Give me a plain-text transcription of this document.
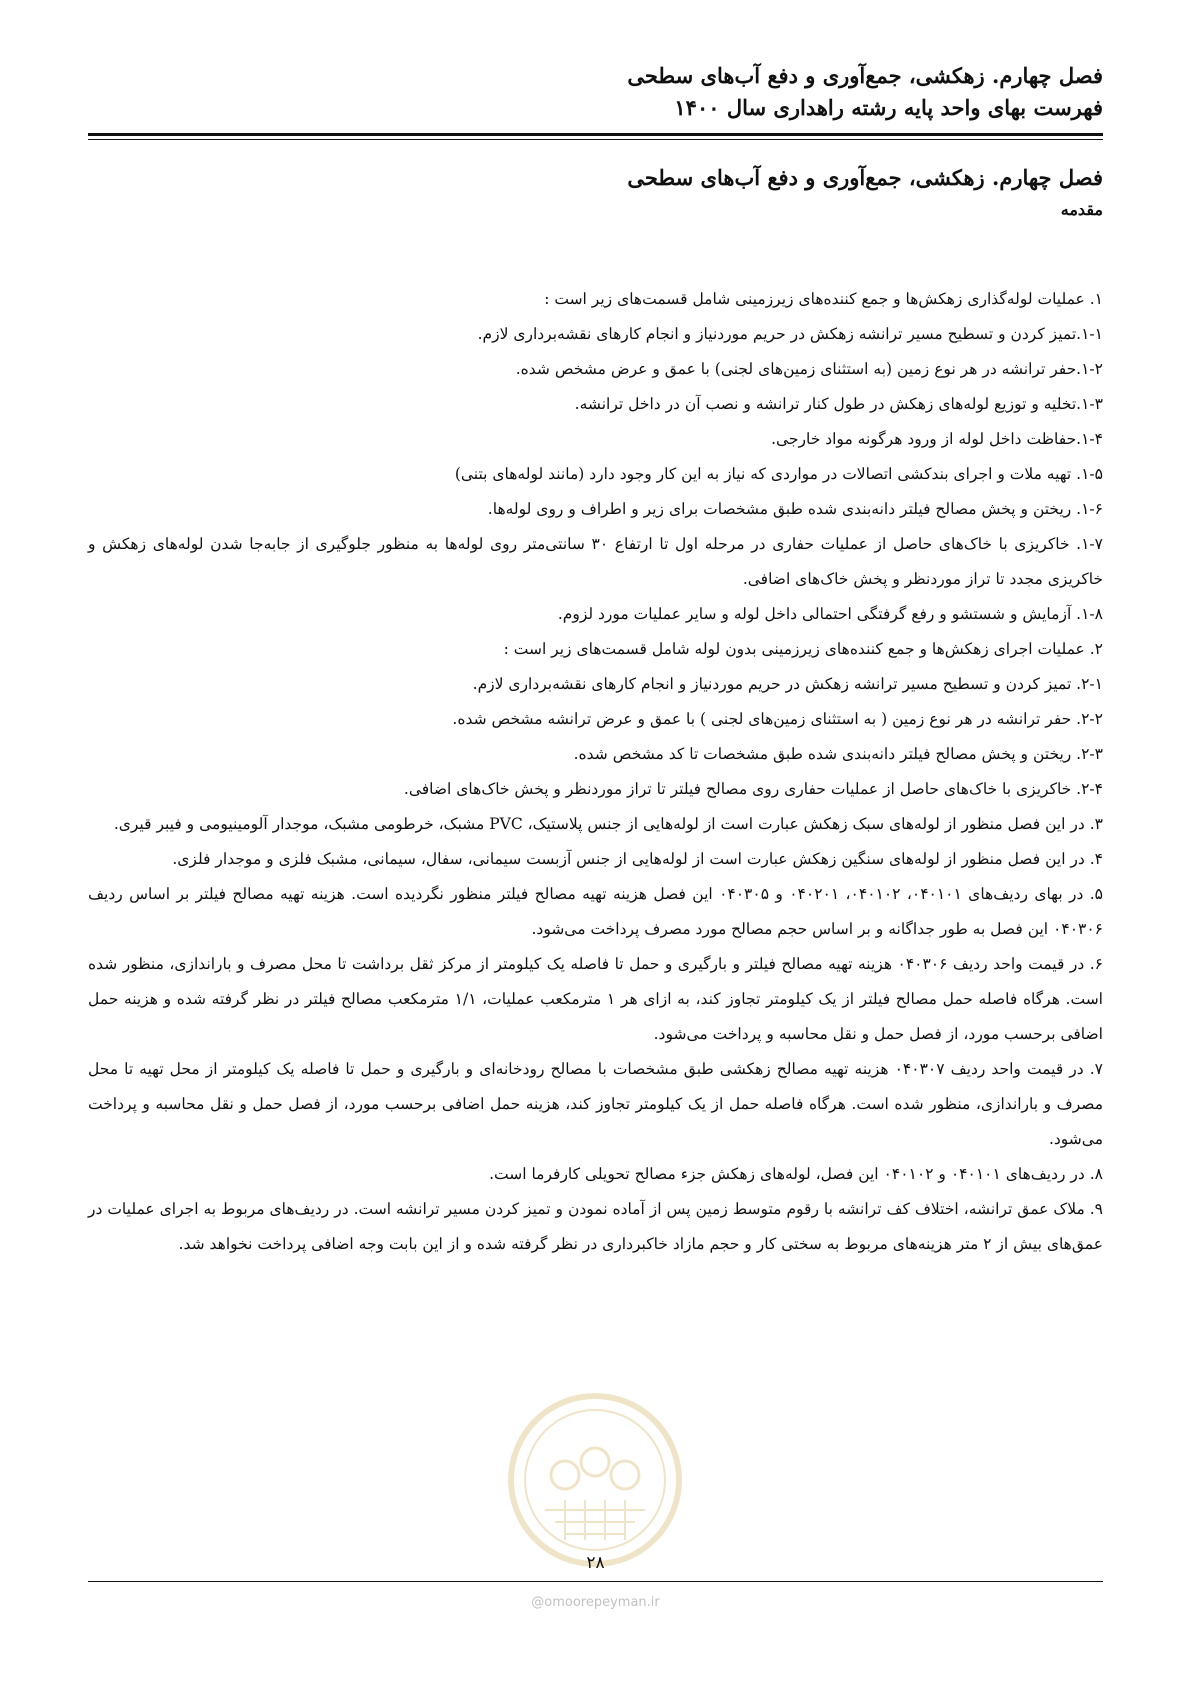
فصل چهارم. زهکشی، جمع‌آوری و دفع آب‌های سطحی
فهرست بهای واحد پایه رشته راهداری سال ۱۴۰۰
فصل چهارم. زهکشی، جمع‌آوری و دفع آب‌های سطحی
مقدمه

۱. عملیات لوله‌گذاری زهکش‌ها و جمع کننده‌های زیرزمینی شامل قسمت‌های زیر است :

۱-۱.تمیز کردن و تسطیح مسیر ترانشه زهکش در حریم موردنیاز و انجام کارهای نقشه‌برداری لازم.

۱-۲.حفر ترانشه در هر نوع زمین (به استثنای زمین‌های لجنی) با عمق و عرض مشخص شده.

۱-۳.تخلیه و توزیع لوله‌های زهکش در طول کنار ترانشه و نصب آن در داخل ترانشه.

۱-۴.حفاظت داخل لوله از ورود هرگونه مواد خارجی.

۱-۵. تهیه ملات و اجرای بندکشی اتصالات در مواردی که نیاز به این کار وجود دارد (مانند لوله‌های بتنی)

۱-۶. ریختن و پخش مصالح فیلتر دانه‌بندی شده طبق مشخصات برای زیر و اطراف و روی لوله‌ها.

۱-۷. خاکریزی با خاک‌های حاصل از عملیات حفاری در مرحله اول تا ارتفاع ۳۰ سانتی‌متر روی لوله‌ها به منظور جلوگیری از جابه‌جا شدن لوله‌های زهکش و خاکریزی مجدد تا تراز موردنظر و پخش خاک‌های اضافی.

۱-۸. آزمایش و شستشو و رفع گرفتگی احتمالی داخل لوله و سایر عملیات مورد لزوم.

۲. عملیات اجرای زهکش‌ها و جمع کننده‌های زیرزمینی بدون لوله شامل قسمت‌های زیر است :

۲-۱. تمیز کردن و تسطیح مسیر ترانشه زهکش در حریم موردنیاز و انجام کارهای نقشه‌برداری لازم.

۲-۲. حفر ترانشه در هر نوع زمین ( به استثنای زمین‌های لجنی ) با عمق و عرض ترانشه مشخص شده.

۲-۳. ریختن و پخش مصالح فیلتر دانه‌بندی شده طبق مشخصات تا کد مشخص شده.

۲-۴. خاکریزی با خاک‌های حاصل از عملیات حفاری روی مصالح فیلتر تا تراز موردنظر و پخش خاک‌های اضافی.

۳. در این فصل منظور از لوله‌های سبک زهکش عبارت است از لوله‌هایی از جنس پلاستیک، PVC مشبک، خرطومی مشبک، موجدار آلومینیومی و فیبر قیری.

۴. در این فصل منظور از لوله‌های سنگین زهکش عبارت است از لوله‌هایی از جنس آزبست سیمانی، سفال، سیمانی، مشبک فلزی و موجدار فلزی.

۵. در بهای ردیف‌های ۰۴۰۱۰۱، ۰۴۰۱۰۲، ۰۴۰۲۰۱ و ۰۴۰۳۰۵ این فصل هزینه تهیه مصالح فیلتر منظور نگردیده است. هزینه تهیه مصالح فیلتر بر اساس ردیف ۰۴۰۳۰۶ این فصل به طور جداگانه و بر اساس حجم مصالح مورد مصرف پرداخت می‌شود.

۶. در قیمت واحد ردیف ۰۴۰۳۰۶ هزینه تهیه مصالح فیلتر و بارگیری و حمل تا فاصله یک کیلومتر از مرکز ثقل برداشت تا محل مصرف و باراندازی، منظور شده است. هرگاه فاصله حمل مصالح فیلتر از یک کیلومتر تجاوز کند، به ازای هر ۱ مترمکعب عملیات، ۱/۱ مترمکعب مصالح فیلتر در نظر گرفته شده و هزینه حمل اضافی برحسب مورد، از فصل حمل و نقل محاسبه و پرداخت می‌شود.

۷. در قیمت واحد ردیف ۰۴۰۳۰۷ هزینه تهیه مصالح زهکشی طبق مشخصات با مصالح رودخانه‌ای و بارگیری و حمل تا فاصله یک کیلومتر از محل تهیه تا محل مصرف و باراندازی، منظور شده است. هرگاه فاصله حمل از یک کیلومتر تجاوز کند، هزینه حمل اضافی برحسب مورد، از فصل حمل و نقل محاسبه و پرداخت می‌شود.

۸. در ردیف‌های ۰۴۰۱۰۱ و ۰۴۰۱۰۲ این فصل، لوله‌های زهکش جزء مصالح تحویلی کارفرما است.

۹. ملاک عمق ترانشه، اختلاف کف ترانشه با رقوم متوسط زمین پس از آماده نمودن و تمیز کردن مسیر ترانشه است. در ردیف‌های مربوط به اجرای عملیات در عمق‌های بیش از ۲ متر هزینه‌های مربوط به سختی کار و حجم مازاد خاکبرداری در نظر گرفته شده و از این بابت وجه اضافی پرداخت نخواهد شد.

۲۸
@omoorepeyman.ir
